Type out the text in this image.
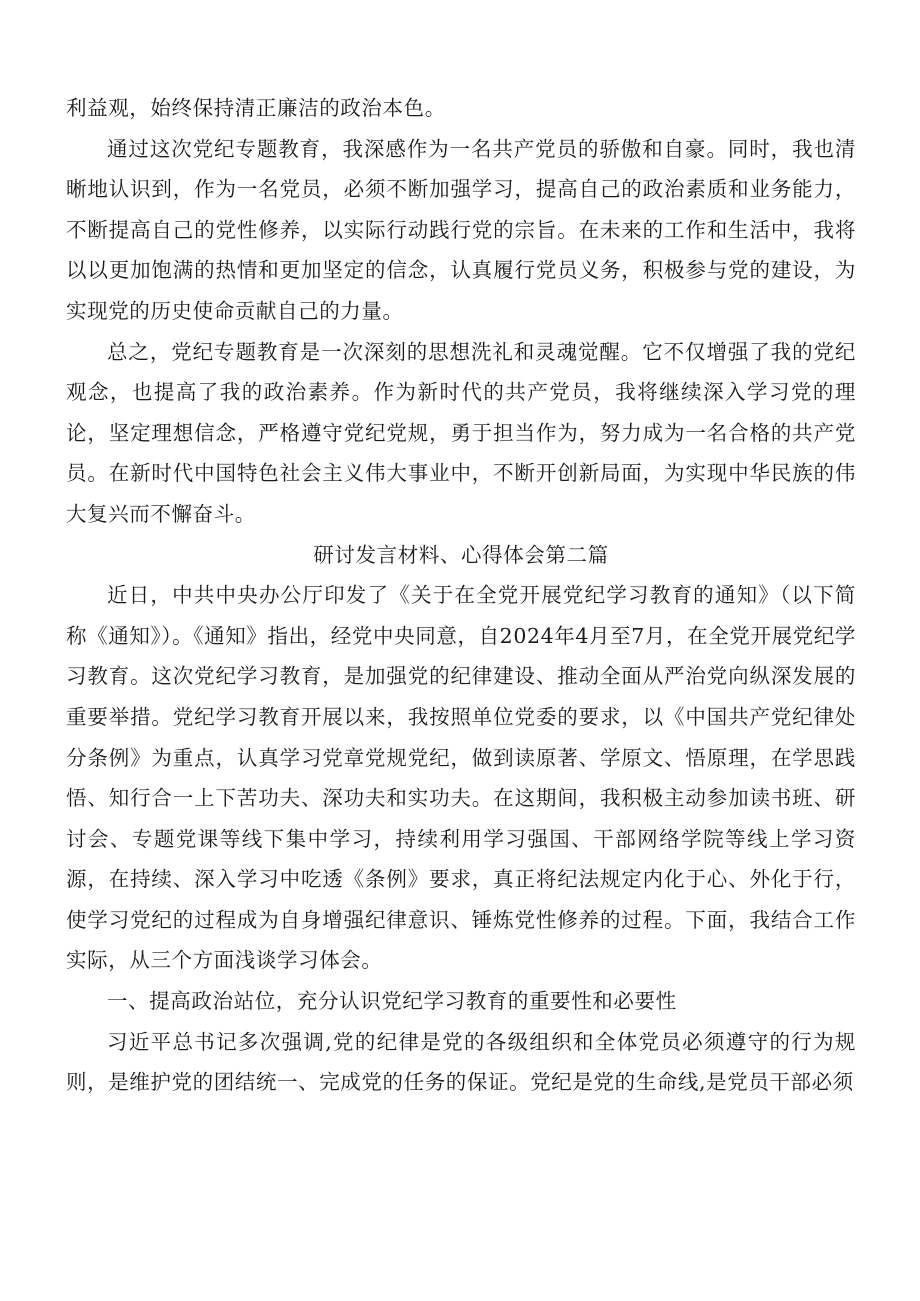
利益观，始终保持清正廉洁的政治本色。

通过这次党纪专题教育，我深感作为一名共产党员的骄傲和自豪。同时，我也清晰地认识到，作为一名党员，必须不断加强学习，提高自己的政治素质和业务能力，不断提高自己的党性修养，以实际行动践行党的宗旨。在未来的工作和生活中，我将以以更加饱满的热情和更加坚定的信念，认真履行党员义务，积极参与党的建设，为实现党的历史使命贡献自己的力量。

总之，党纪专题教育是一次深刻的思想洗礼和灵魂觉醒。它不仅增强了我的党纪观念，也提高了我的政治素养。作为新时代的共产党员，我将继续深入学习党的理论，坚定理想信念，严格遵守党纪党规，勇于担当作为，努力成为一名合格的共产党员。在新时代中国特色社会主义伟大事业中，不断开创新局面，为实现中华民族的伟大复兴而不懈奋斗。

研讨发言材料、心得体会第二篇

近日，中共中央办公厅印发了《关于在全党开展党纪学习教育的通知》（以下简称《通知》）。《通知》指出，经党中央同意，自2024年4月至7月，在全党开展党纪学习教育。这次党纪学习教育，是加强党的纪律建设、推动全面从严治党向纵深发展的重要举措。党纪学习教育开展以来，我按照单位党委的要求，以《中国共产党纪律处分条例》为重点，认真学习党章党规党纪，做到读原著、学原文、悟原理，在学思践悟、知行合一上下苦功夫、深功夫和实功夫。在这期间，我积极主动参加读书班、研讨会、专题党课等线下集中学习，持续利用学习强国、干部网络学院等线上学习资源，在持续、深入学习中吃透《条例》要求，真正将纪法规定内化于心、外化于行，使学习党纪的过程成为自身增强纪律意识、锤炼党性修养的过程。下面，我结合工作实际，从三个方面浅谈学习体会。

一、提高政治站位，充分认识党纪学习教育的重要性和必要性

习近平总书记多次强调,党的纪律是党的各级组织和全体党员必须遵守的行为规则，是维护党的团结统一、完成党的任务的保证。党纪是党的生命线,是党员干部必须
